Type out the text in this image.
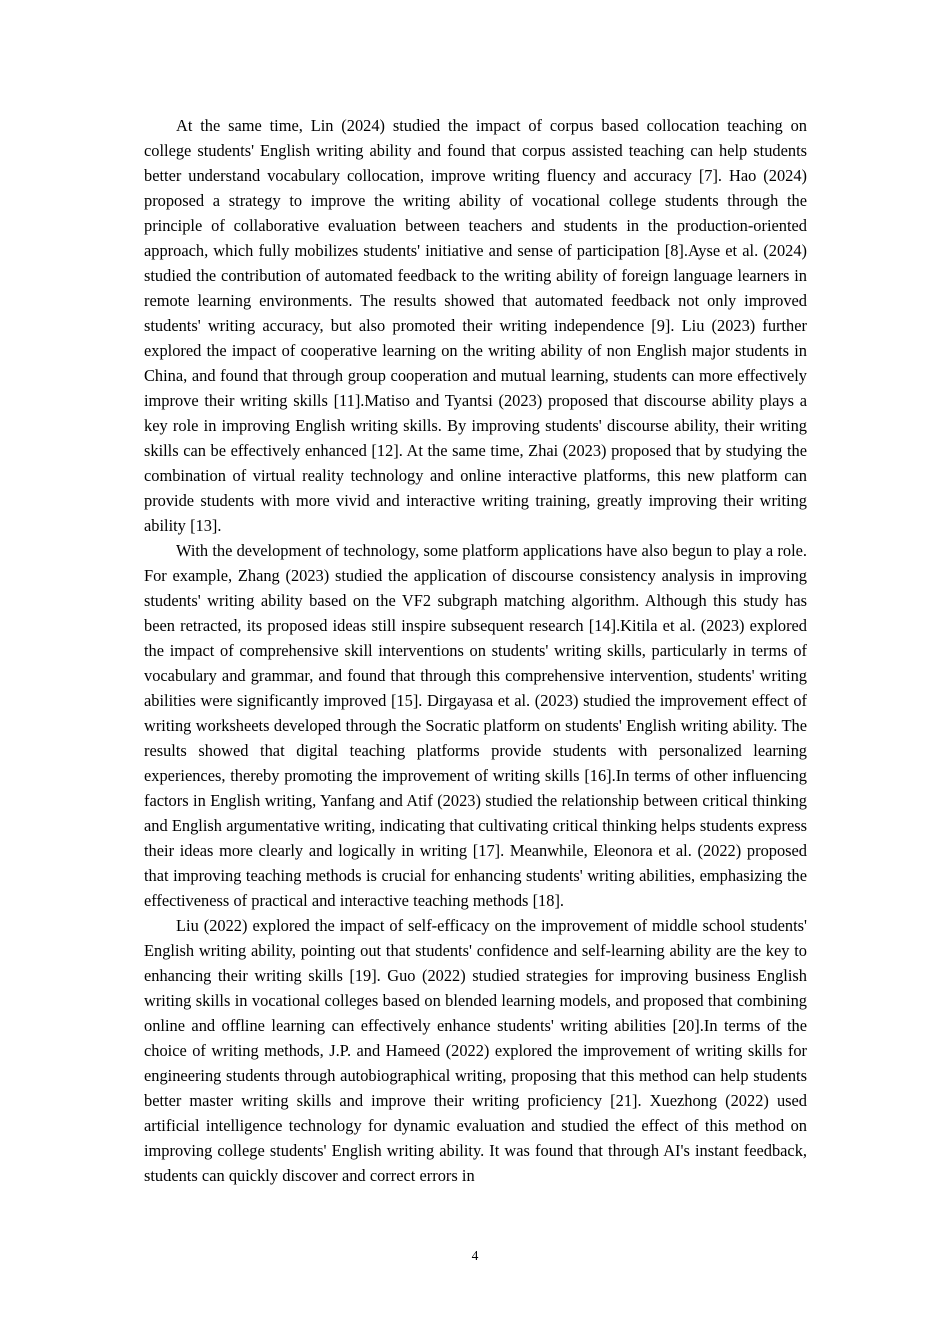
At the same time, Lin (2024) studied the impact of corpus based collocation teaching on college students' English writing ability and found that corpus assisted teaching can help students better understand vocabulary collocation, improve writing fluency and accuracy [7]. Hao (2024) proposed a strategy to improve the writing ability of vocational college students through the principle of collaborative evaluation between teachers and students in the production-oriented approach, which fully mobilizes students' initiative and sense of participation [8].Ayse et al. (2024) studied the contribution of automated feedback to the writing ability of foreign language learners in remote learning environments. The results showed that automated feedback not only improved students' writing accuracy, but also promoted their writing independence [9]. Liu (2023) further explored the impact of cooperative learning on the writing ability of non English major students in China, and found that through group cooperation and mutual learning, students can more effectively improve their writing skills [11].Matiso and Tyantsi (2023) proposed that discourse ability plays a key role in improving English writing skills. By improving students' discourse ability, their writing skills can be effectively enhanced [12]. At the same time, Zhai (2023) proposed that by studying the combination of virtual reality technology and online interactive platforms, this new platform can provide students with more vivid and interactive writing training, greatly improving their writing ability [13].

With the development of technology, some platform applications have also begun to play a role. For example, Zhang (2023) studied the application of discourse consistency analysis in improving students' writing ability based on the VF2 subgraph matching algorithm. Although this study has been retracted, its proposed ideas still inspire subsequent research [14].Kitila et al. (2023) explored the impact of comprehensive skill interventions on students' writing skills, particularly in terms of vocabulary and grammar, and found that through this comprehensive intervention, students' writing abilities were significantly improved [15]. Dirgayasa et al. (2023) studied the improvement effect of writing worksheets developed through the Socratic platform on students' English writing ability. The results showed that digital teaching platforms provide students with personalized learning experiences, thereby promoting the improvement of writing skills [16].In terms of other influencing factors in English writing, Yanfang and Atif (2023) studied the relationship between critical thinking and English argumentative writing, indicating that cultivating critical thinking helps students express their ideas more clearly and logically in writing [17]. Meanwhile, Eleonora et al. (2022) proposed that improving teaching methods is crucial for enhancing students' writing abilities, emphasizing the effectiveness of practical and interactive teaching methods [18].

Liu (2022) explored the impact of self-efficacy on the improvement of middle school students' English writing ability, pointing out that students' confidence and self-learning ability are the key to enhancing their writing skills [19]. Guo (2022) studied strategies for improving business English writing skills in vocational colleges based on blended learning models, and proposed that combining online and offline learning can effectively enhance students' writing abilities [20].In terms of the choice of writing methods, J.P. and Hameed (2022) explored the improvement of writing skills for engineering students through autobiographical writing, proposing that this method can help students better master writing skills and improve their writing proficiency [21]. Xuezhong (2022) used artificial intelligence technology for dynamic evaluation and studied the effect of this method on improving college students' English writing ability. It was found that through AI's instant feedback, students can quickly discover and correct errors in

4
